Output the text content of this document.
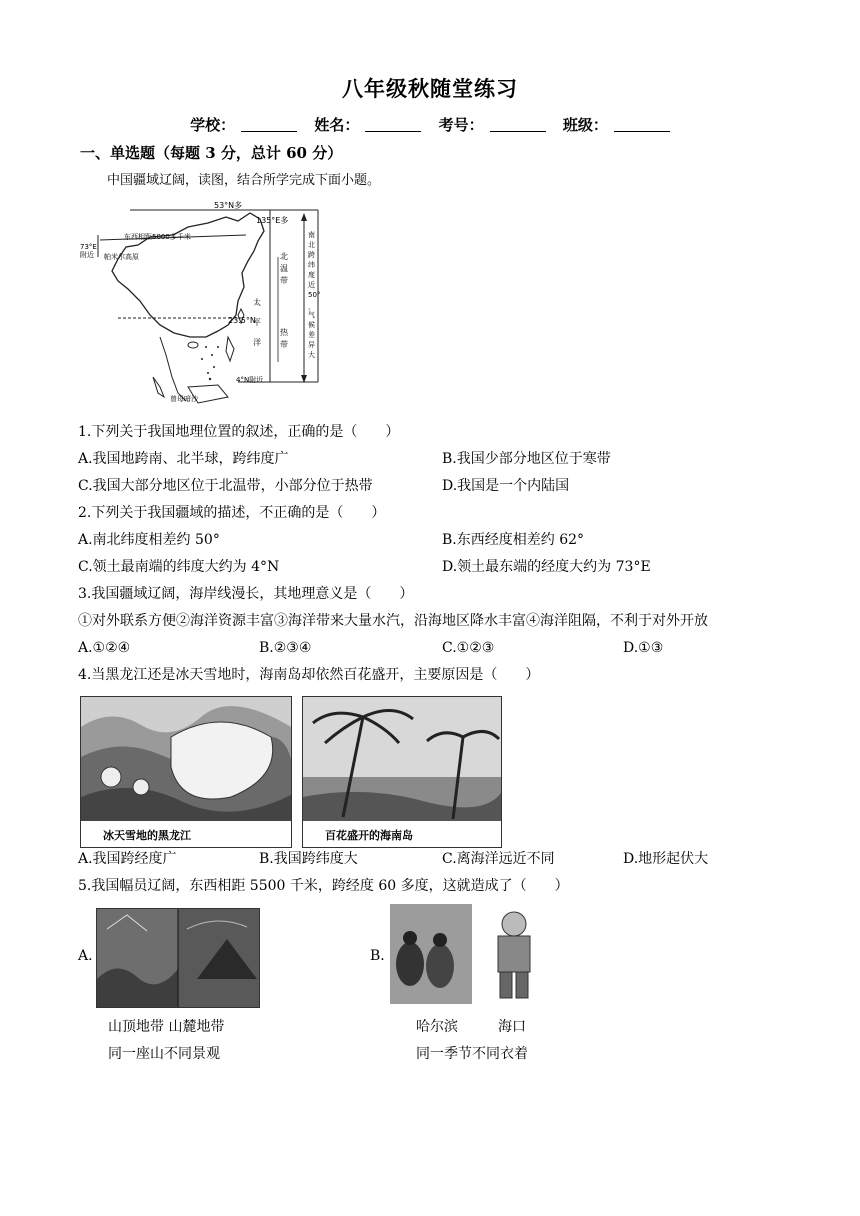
八年级秋随堂练习
学校：	姓名：	考号：	班级：
一、单选题（每题 3 分，总计 60 分）
中国疆域辽阔，读图，结合所学完成下面小题。
53°N多
135°E多
东西相距5000多千米
73°E
附近 帕米尔高原
23.5°N
4°N附近
曾母暗沙
北温带
太平洋
热带
南北跨纬度近 50°，气候差异大
1.下列关于我国地理位置的叙述，正确的是（　　）
A.我国地跨南、北半球，跨纬度广	B.我国少部分地区位于寒带
C.我国大部分地区位于北温带，小部分位于热带	D.我国是一个内陆国
2.下列关于我国疆域的描述，不正确的是（　　）
A.南北纬度相差约 50°	B.东西经度相差约 62°
C.领土最南端的纬度大约为 4°N	D.领土最东端的经度大约为 73°E
3.我国疆域辽阔，海岸线漫长，其地理意义是（　　）
①对外联系方便②海洋资源丰富③海洋带来大量水汽，沿海地区降水丰富④海洋阻隔，不利于对外开放
A.①②④	B.②③④	C.①②③	D.①③
4.当黑龙江还是冰天雪地时，海南岛却依然百花盛开，主要原因是（　　）
冰天雪地的黑龙江	百花盛开的海南岛
A.我国跨经度广	B.我国跨纬度大	C.离海洋远近不同	D.地形起伏大
5.我国幅员辽阔，东西相距 5500 千米，跨经度 60 多度，这就造成了（　　）
A.
山顶地带 山麓地带
同一座山不同景观
B.
哈尔滨	海口
同一季节不同衣着
